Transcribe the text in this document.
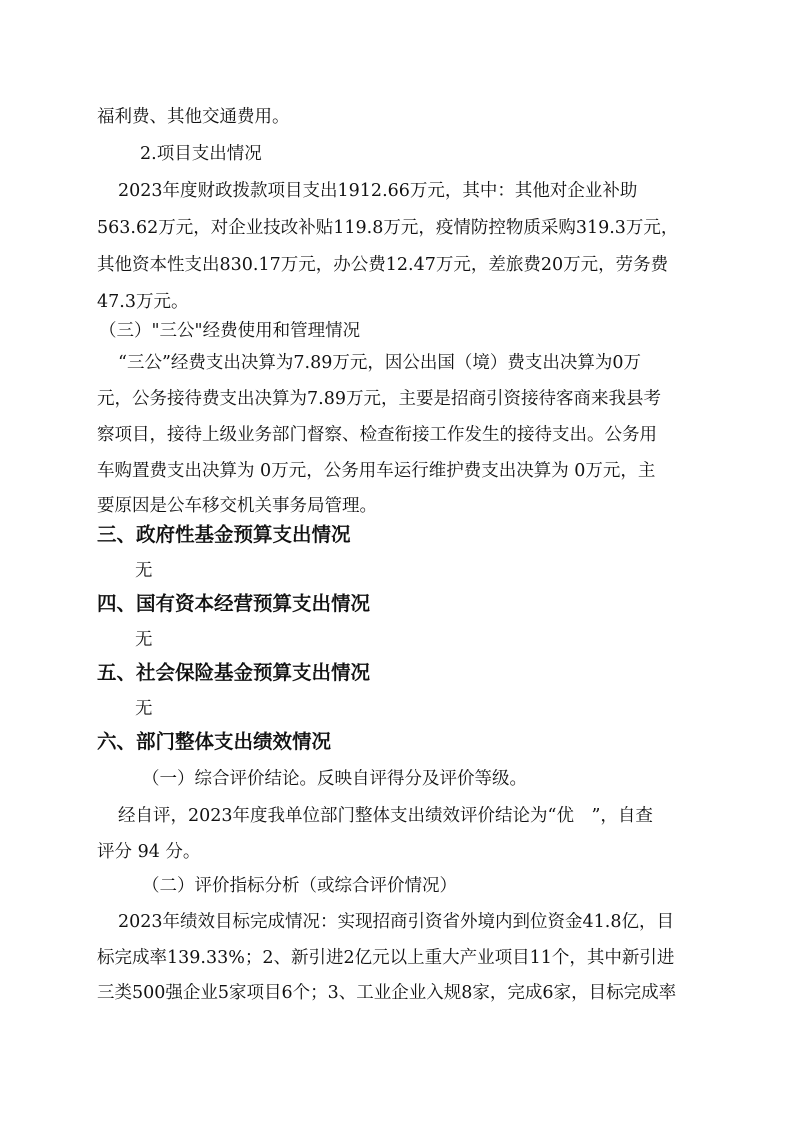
福利费、其他交通费用。
2.项目支出情况
2023年度财政拨款项目支出1912.66万元，其中：其他对企业补助
563.62万元，对企业技改补贴119.8万元，疫情防控物质采购319.3万元，
其他资本性支出830.17万元，办公费12.47万元，差旅费20万元，劳务费
47.3万元。
（三）"三公"经费使用和管理情况
“三公”经费支出决算为7.89万元，因公出国（境）费支出决算为0万
元，公务接待费支出决算为7.89万元，主要是招商引资接待客商来我县考
察项目，接待上级业务部门督察、检查衔接工作发生的接待支出。公务用
车购置费支出决算为 0万元，公务用车运行维护费支出决算为 0万元，主
要原因是公车移交机关事务局管理。
三、政府性基金预算支出情况
无
四、国有资本经营预算支出情况
无
五、社会保险基金预算支出情况
无
六、部门整体支出绩效情况
（一）综合评价结论。反映自评得分及评价等级。
经自评，2023年度我单位部门整体支出绩效评价结论为“优　”，自查
评分 94 分。
（二）评价指标分析（或综合评价情况）
2023年绩效目标完成情况：实现招商引资省外境内到位资金41.8亿，目
标完成率139.33%；2、新引进2亿元以上重大产业项目11个，其中新引进
三类500强企业5家项目6个；3、工业企业入规8家，完成6家，目标完成率
